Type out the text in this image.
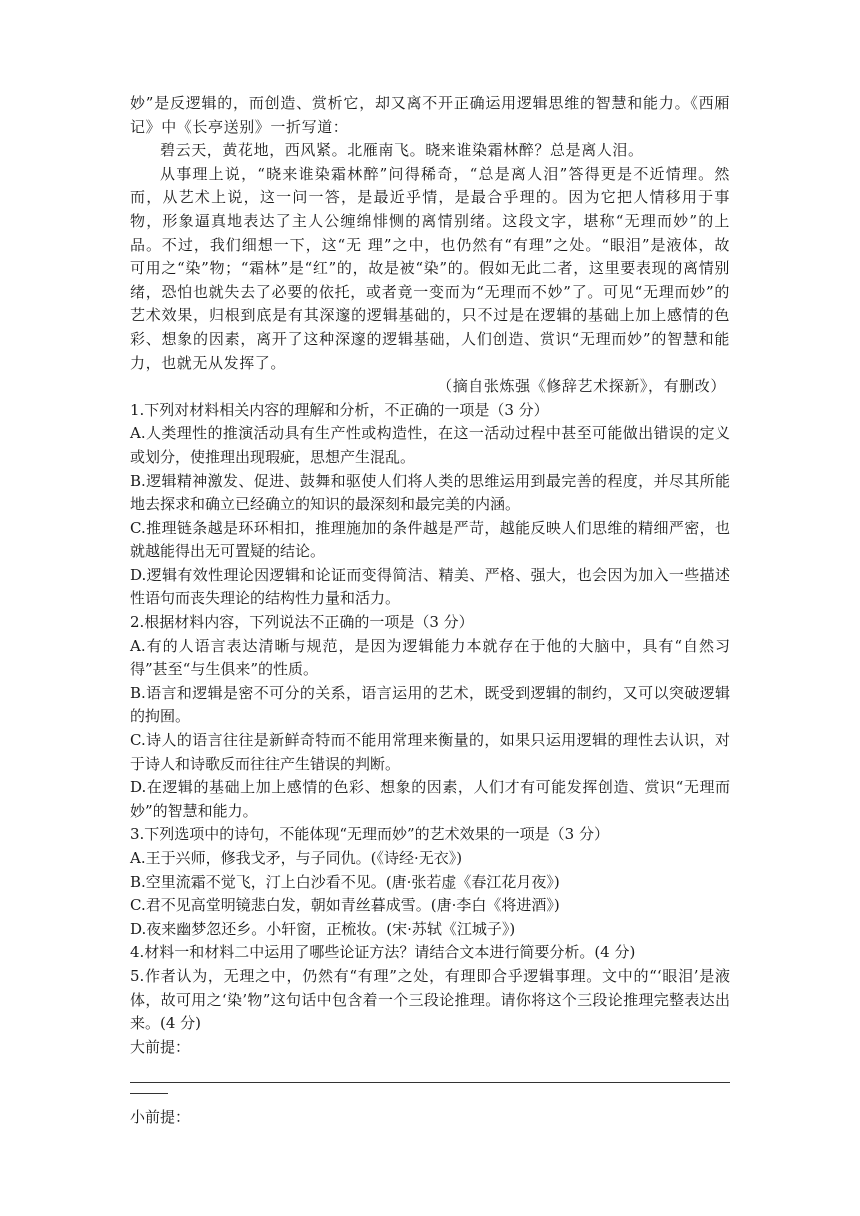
妙”是反逻辑的，而创造、赏析它，却又离不开正确运用逻辑思维的智慧和能力。《西厢记》中《长亭送别》一折写道：

碧云天，黄花地，西风紧。北雁南飞。晓来谁染霜林醉？总是离人泪。

从事理上说，“晓来谁染霜林醉”问得稀奇，“总是离人泪”答得更是不近情理。然而，从艺术上说，这一问一答，是最近乎情，是最合乎理的。因为它把人情移用于事物，形象逼真地表达了主人公缠绵悱恻的离情别绪。这段文字，堪称“无理而妙”的上品。不过，我们细想一下，这“无 理”之中，也仍然有“有理”之处。“眼泪”是液体，故可用之“染”物；“霜林”是“红”的，故是被“染”的。假如无此二者，这里要表现的离情别绪，恐怕也就失去了必要的依托，或者竟一变而为“无理而不妙”了。可见“无理而妙”的艺术效果，归根到底是有其深邃的逻辑基础的，只不过是在逻辑的基础上加上感情的色彩、想象的因素，离开了这种深邃的逻辑基础，人们创造、赏识“无理而妙”的智慧和能力，也就无从发挥了。

（摘自张炼强《修辞艺术探新》，有删改）

1.下列对材料相关内容的理解和分析，不正确的一项是（3 分）

A.人类理性的推演活动具有生产性或构造性，在这一活动过程中甚至可能做出错误的定义或划分，使推理出现瑕疵，思想产生混乱。

B.逻辑精神激发、促进、鼓舞和驱使人们将人类的思维运用到最完善的程度，并尽其所能地去探求和确立已经确立的知识的最深刻和最完美的内涵。

C.推理链条越是环环相扣，推理施加的条件越是严苛，越能反映人们思维的精细严密，也就越能得出无可置疑的结论。

D.逻辑有效性理论因逻辑和论证而变得简洁、精美、严格、强大，也会因为加入一些描述性语句而丧失理论的结构性力量和活力。

2.根据材料内容，下列说法不正确的一项是（3 分）

A.有的人语言表达清晰与规范，是因为逻辑能力本就存在于他的大脑中，具有“自然习得”甚至“与生俱来”的性质。

B.语言和逻辑是密不可分的关系，语言运用的艺术，既受到逻辑的制约，又可以突破逻辑的拘囿。

C.诗人的语言往往是新鲜奇特而不能用常理来衡量的，如果只运用逻辑的理性去认识，对于诗人和诗歌反而往往产生错误的判断。

D.在逻辑的基础上加上感情的色彩、想象的因素，人们才有可能发挥创造、赏识“无理而妙”的智慧和能力。

3.下列选项中的诗句，不能体现“无理而妙”的艺术效果的一项是（3 分）

A.王于兴师，修我戈矛，与子同仇。(《诗经·无衣》)

B.空里流霜不觉飞，汀上白沙看不见。(唐·张若虚《春江花月夜》)

C.君不见高堂明镜悲白发，朝如青丝暮成雪。(唐·李白《将进酒》)

D.夜来幽梦忽还乡。小轩窗，正梳妆。(宋·苏轼《江城子》)

4.材料一和材料二中运用了哪些论证方法？请结合文本进行简要分析。(4 分)

5.作者认为，无理之中，仍然有“有理”之处，有理即合乎逻辑事理。文中的“‘眼泪’是液体，故可用之‘染’物”这句话中包含着一个三段论推理。请你将这个三段论推理完整表达出来。(4 分)

大前提：

小前提：
